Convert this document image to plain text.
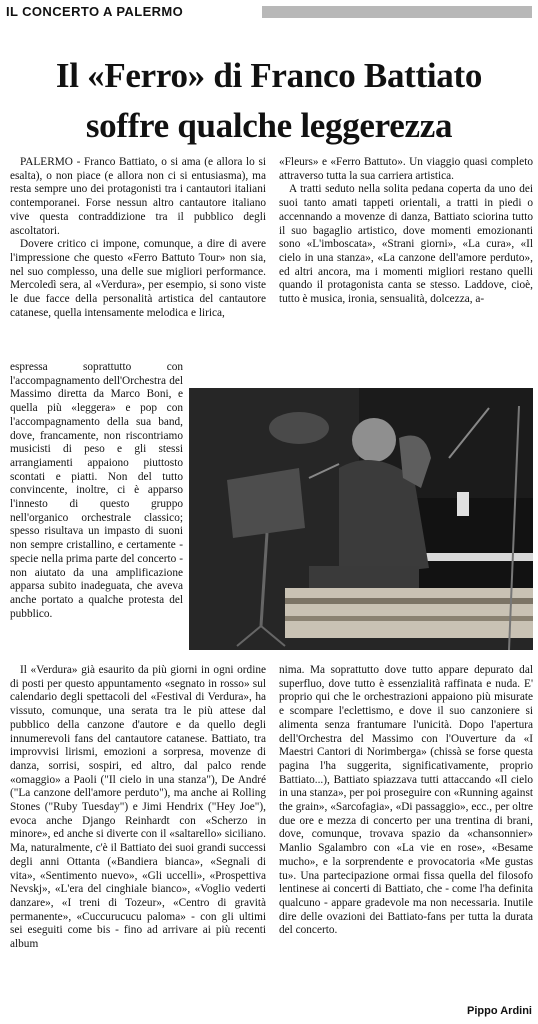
IL CONCERTO A PALERMO
Il «Ferro» di Franco Battiato
soffre qualche leggerezza

PALERMO - Franco Battiato, o si ama (e allora lo si esalta), o non piace (e allora non ci si entusiasma), ma resta sempre uno dei protagonisti tra i cantautori italiani contemporanei. Forse nessun altro cantautore italiano vive questa contraddizione tra il pubblico degli ascoltatori.

Dovere critico ci impone, comunque, a dire di avere l'impressione che questo «Ferro Battuto Tour» non sia, nel suo complesso, una delle sue migliori performance. Mercoledì sera, al «Verdura», per esempio, si sono viste le due facce della personalità artistica del cantautore catanese, quella intensamente melodica e lirica,

espressa soprattutto con l'accompagnamento dell'Orchestra del Massimo diretta da Marco Boni, e quella più «leggera» e pop con l'accompagnamento della sua band, dove, francamente, non riscontriamo musicisti di peso e gli stessi arrangiamenti appaiono piuttosto scontati e piatti. Non del tutto convincente, inoltre, ci è apparso l'innesto di questo gruppo nell'organico orchestrale classico; spesso risultava un impasto di suoni non sempre cristallino, e certamente - specie nella prima parte del concerto - non aiutato da una amplificazione apparsa subito inadeguata, che aveva anche portato a qualche protesta del pubblico.

Il «Verdura» già esaurito da più giorni in ogni ordine di posti per questo appuntamento «segnato in rosso» sul calendario degli spettacoli del «Festival di Verdura», ha vissuto, comunque, una serata tra le più attese dal pubblico della canzone d'autore e da quello degli innumerevoli fans del cantautore catanese. Battiato, tra improvvisi lirismi, emozioni a sorpresa, movenze di danza, sorrisi, sospiri, ed altro, dal palco rende «omaggio» a Paoli ("Il cielo in una stanza"), De André ("La canzone dell'amore perduto"), ma anche ai Rolling Stones ("Ruby Tuesday") e Jimi Hendrix ("Hey Joe"), evoca anche Django Reinhardt con «Scherzo in minore», ed anche si diverte con il «saltarello» siciliano. Ma, naturalmente, c'è il Battiato dei suoi grandi successi degli anni Ottanta («Bandiera bianca», «Segnali di vita», «Sentimento nuevo», «Gli uccelli», «Prospettiva Nevskj», «L'era del cinghiale bianco», «Voglio vederti danzare», «I treni di Tozeur», «Centro di gravità permanente», «Cuccurucucu paloma» - con gli ultimi sei eseguiti come bis - fino ad arrivare ai più recenti album

«Fleurs» e «Ferro Battuto». Un viaggio quasi completo attraverso tutta la sua carriera artistica.

A tratti seduto nella solita pedana coperta da uno dei suoi tanto amati tappeti orientali, a tratti in piedi o accennando a movenze di danza, Battiato sciorina tutto il suo bagaglio artistico, dove momenti emozionanti sono «L'imboscata», «Strani giorni», «La cura», «Il cielo in una stanza», «La canzone dell'amore perduto», ed altri ancora, ma i momenti migliori restano quelli quando il protagonista canta se stesso. Laddove, cioè, tutto è musica, ironia, sensualità, dolcezza, a-

nima. Ma soprattutto dove tutto appare depurato dal superfluo, dove tutto è essenzialità raffinata e nuda. E' proprio qui che le orchestrazioni appaiono più misurate e scompare l'eclettismo, e dove il suo canzoniere si alimenta senza frantumare l'unicità. Dopo l'apertura dell'Orchestra del Massimo con l'Ouverture da «I Maestri Cantori di Norimberga» (chissà se forse questa pagina l'ha suggerita, significativamente, proprio Battiato...), Battiato spiazzava tutti attaccando «Il cielo in una stanza», per poi proseguire con «Running against the grain», «Sarcofagia», «Di passaggio», ecc., per oltre due ore e mezza di concerto per una trentina di brani, dove, comunque, trovava spazio da «chansonnier» Manlio Sgalambro con «La vie en rose», «Besame mucho», e la sorprendente e provocatoria «Me gustas tu». Una partecipazione ormai fissa quella del filosofo lentinese ai concerti di Battiato, che - come l'ha definita qualcuno - appare gradevole ma non necessaria. Inutile dire delle ovazioni dei Battiato-fans per tutta la durata del concerto.

Pippo Ardini
